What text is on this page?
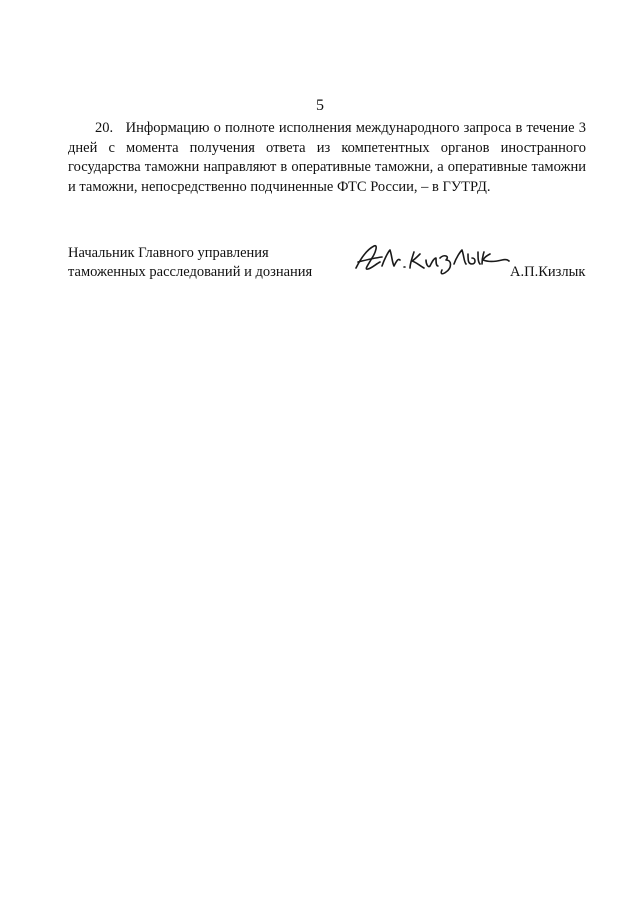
5

20. Информацию о полноте исполнения международного запроса в течение 3 дней с момента получения ответа из компетентных органов иностранного государства таможни направляют в оперативные таможни, а оперативные таможни и таможни, непосредственно подчиненные ФТС России, – в ГУТРД.

Начальник Главного управления
таможенных расследований и дознания	А.П.Кизлык
